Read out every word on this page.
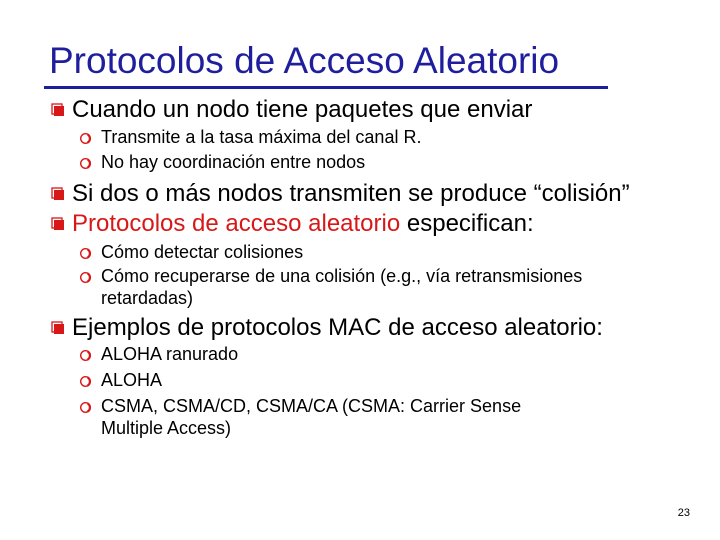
Protocolos de Acceso Aleatorio
Cuando un nodo tiene paquetes que enviar
Transmite a la tasa máxima del canal R.
No hay coordinación entre nodos
Si dos o más nodos transmiten se produce “colisión”
Protocolos de acceso aleatorio especifican:
Cómo detectar colisiones
Cómo recuperarse de una colisión (e.g., vía retransmisiones
retardadas)
Ejemplos de protocolos MAC de acceso aleatorio:
ALOHA ranurado
ALOHA
CSMA, CSMA/CD, CSMA/CA (CSMA: Carrier Sense
Multiple Access)
23
